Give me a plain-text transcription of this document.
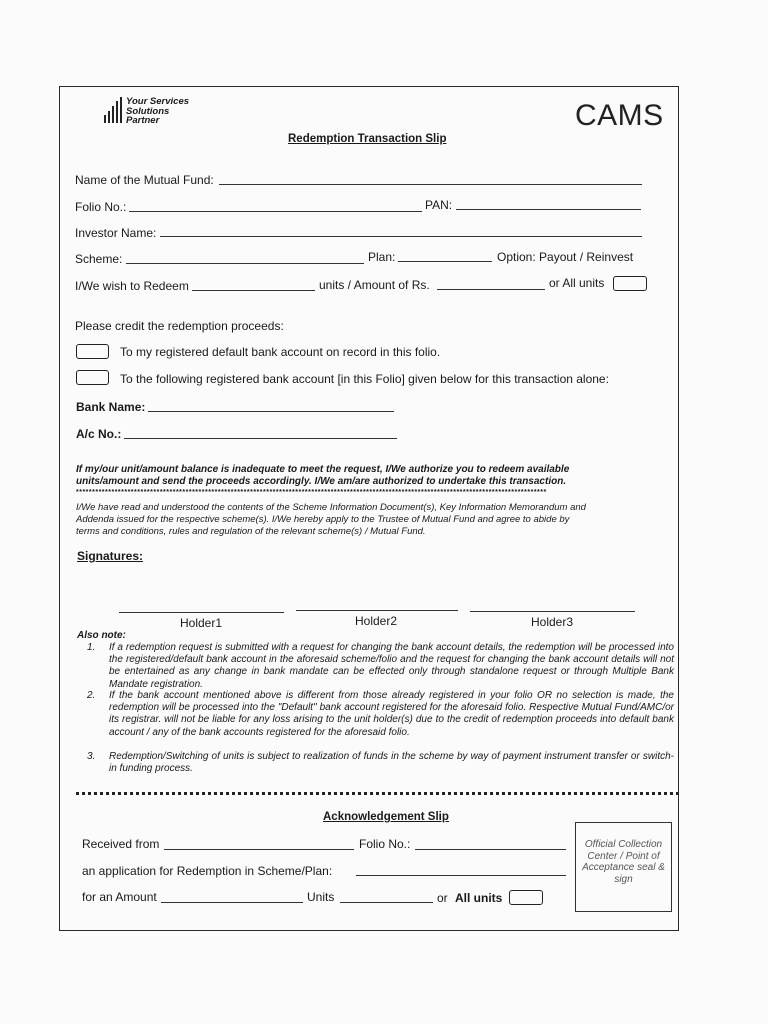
Your Services
Solutions
Partner	CAMS
Redemption Transaction Slip
Name of the Mutual Fund:
Folio No.:	PAN:
Investor Name:
Scheme:	Plan:	Option: Payout / Reinvest
I/We wish to Redeem	units / Amount of Rs.	or All units
Please credit the redemption proceeds:
To my registered default bank account on record in this folio.
To the following registered bank account [in this Folio] given below for this transaction alone:
Bank Name:
A/c No.:
If my/our unit/amount balance is inadequate to meet the request, I/We authorize you to redeem available
units/amount and send the proceeds accordingly. I/We am/are authorized to undertake this transaction.
**************************************************************************************************************************************************
I/We have read and understood the contents of the Scheme Information Document(s), Key Information Memorandum and
Addenda issued for the respective scheme(s). I/We hereby apply to the Trustee of Mutual Fund and agree to abide by
terms and conditions, rules and regulation of the relevant scheme(s) / Mutual Fund.
Signatures:
Holder1	Holder2	Holder3
Also note:
1. If a redemption request is submitted with a request for changing the bank account details, the redemption will be processed into the registered/default bank account in the aforesaid scheme/folio and the request for changing the bank account details will not be entertained as any change in bank mandate can be effected only through standalone request or through Multiple Bank Mandate registration.
2. If the bank account mentioned above is different from those already registered in your folio OR no selection is made, the redemption will be processed into the "Default" bank account registered for the aforesaid folio. Respective Mutual Fund/AMC/or its registrar. will not be liable for any loss arising to the unit holder(s) due to the credit of redemption proceeds into default bank account / any of the bank accounts registered for the aforesaid folio.
3. Redemption/Switching of units is subject to realization of funds in the scheme by way of payment instrument transfer or switch-in funding process.
Acknowledgement Slip
Received from	Folio No.:
an application for Redemption in Scheme/Plan:
for an Amount	Units	or All units
Official Collection Center / Point of Acceptance seal & sign
